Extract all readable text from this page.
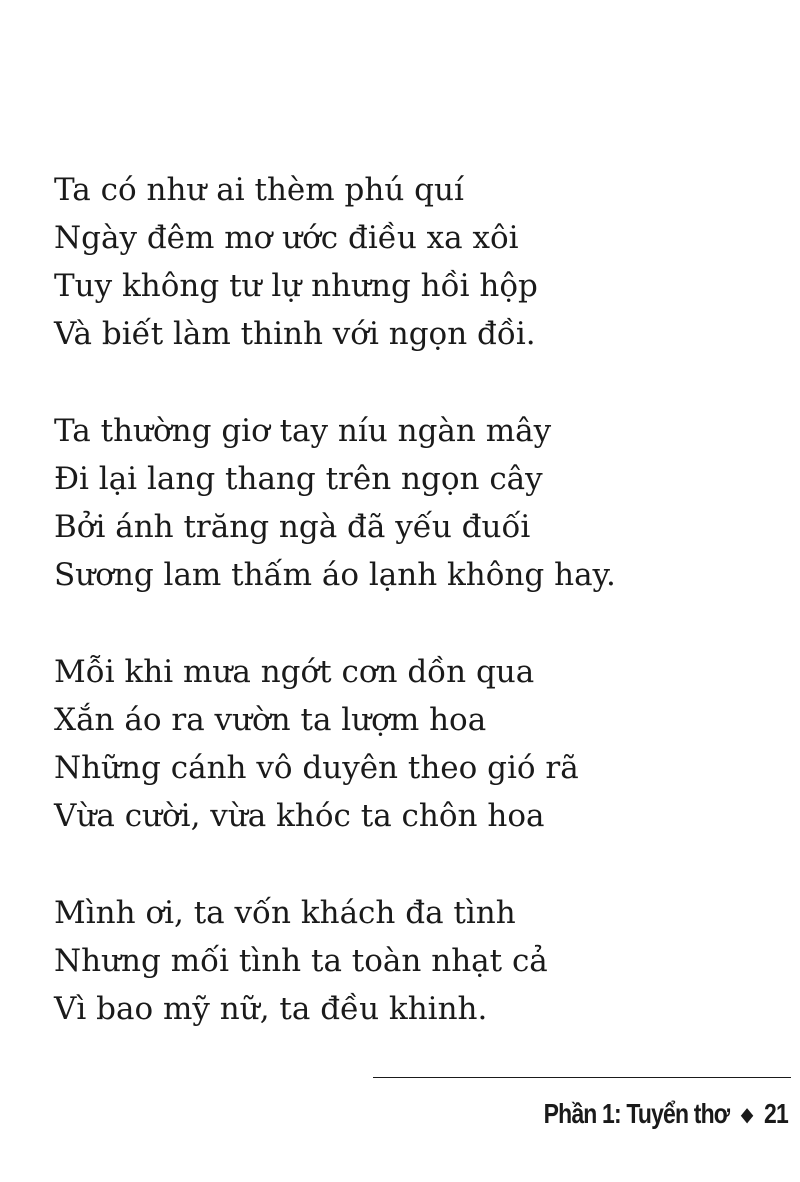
Ta có như ai thèm phú quí
Ngày đêm mơ ước điều xa xôi
Tuy không tư lự nhưng hồi hộp
Và biết làm thinh với ngọn đồi.
Ta thường giơ tay níu ngàn mây
Đi lại lang thang trên ngọn cây
Bởi ánh trăng ngà đã yếu đuối
Sương lam thấm áo lạnh không hay.
Mỗi khi mưa ngớt cơn dồn qua
Xắn áo ra vườn ta lượm hoa
Những cánh vô duyên theo gió rã
Vừa cười, vừa khóc ta chôn hoa
Mình ơi, ta vốn khách đa tình
Nhưng mối tình ta toàn nhạt cả
Vì bao mỹ nữ, ta đều khinh.
Phần 1: Tuyển thơ ◆ 21
